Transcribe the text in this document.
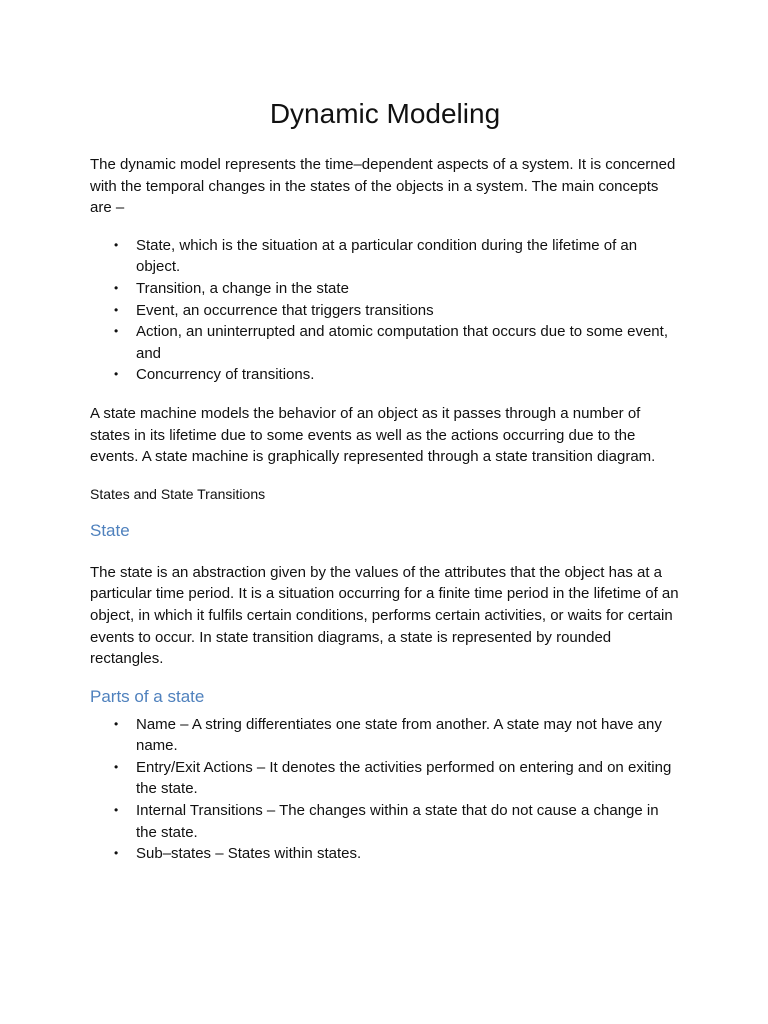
Dynamic Modeling

The dynamic model represents the time–dependent aspects of a system. It is concerned with the temporal changes in the states of the objects in a system. The main concepts are –

• State, which is the situation at a particular condition during the lifetime of an object.
• Transition, a change in the state
• Event, an occurrence that triggers transitions
• Action, an uninterrupted and atomic computation that occurs due to some event, and
• Concurrency of transitions.

A state machine models the behavior of an object as it passes through a number of states in its lifetime due to some events as well as the actions occurring due to the events. A state machine is graphically represented through a state transition diagram.

States and State Transitions

State

The state is an abstraction given by the values of the attributes that the object has at a particular time period. It is a situation occurring for a finite time period in the lifetime of an object, in which it fulfils certain conditions, performs certain activities, or waits for certain events to occur. In state transition diagrams, a state is represented by rounded rectangles.

Parts of a state
• Name – A string differentiates one state from another. A state may not have any name.
• Entry/Exit Actions – It denotes the activities performed on entering and on exiting the state.
• Internal Transitions – The changes within a state that do not cause a change in the state.
• Sub–states – States within states.
